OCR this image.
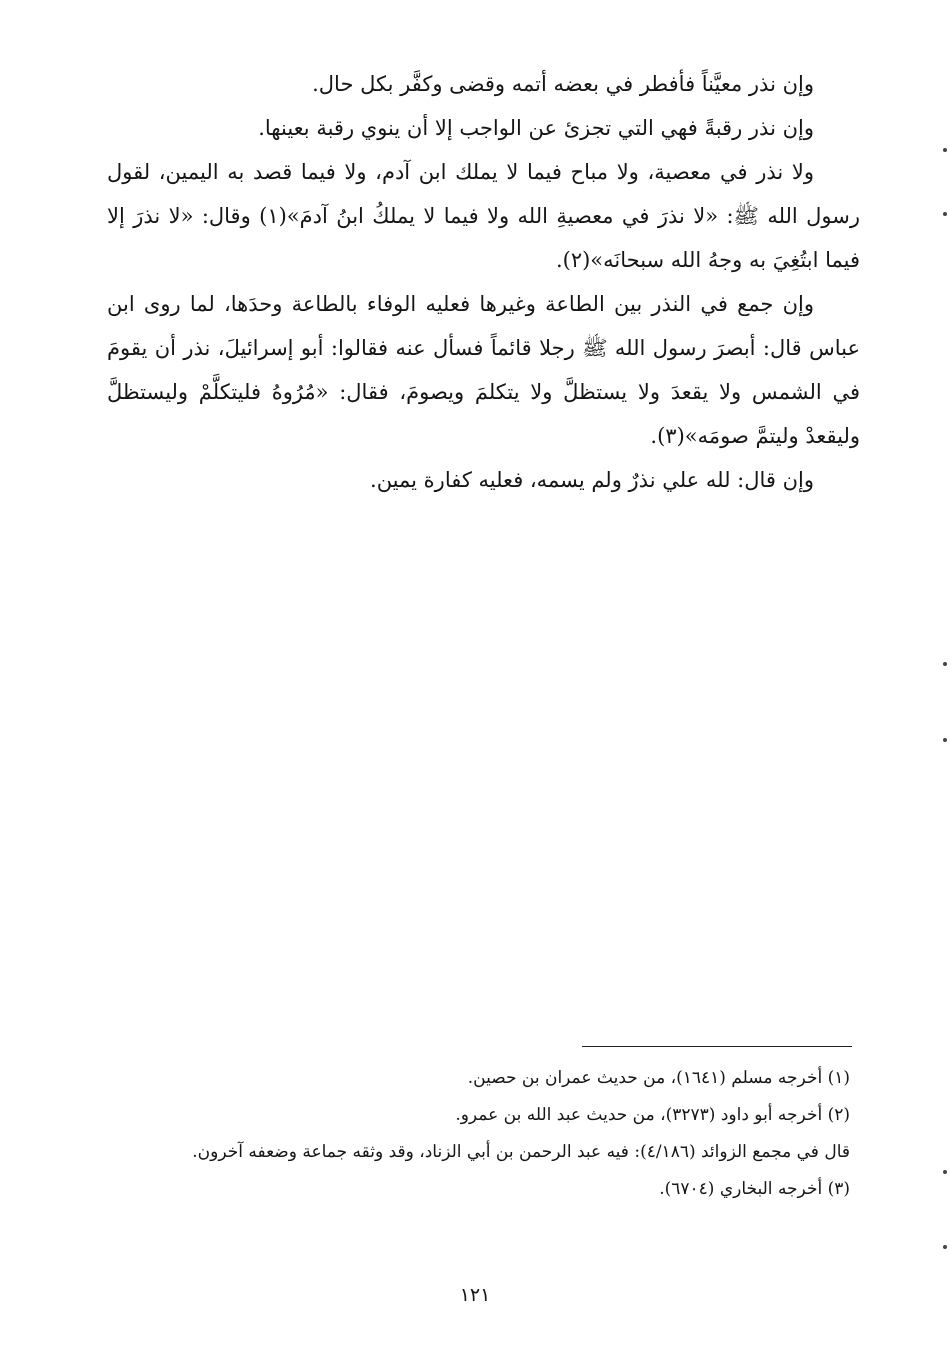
وإن نذر معيَّناً فأفطر في بعضه أتمه وقضى وكفَّر بكل حال.

وإن نذر رقبةً فهي التي تجزئ عن الواجب إلا أن ينوي رقبة بعينها.

ولا نذر في معصية، ولا مباح فيما لا يملك ابن آدم، ولا فيما قصد به اليمين، لقول رسول الله ﷺ: «لا نذرَ في معصيةِ الله ولا فيما لا يملكُ ابنُ آدمَ»(١) وقال: «لا نذرَ إلا فيما ابتُغِيَ به وجهُ الله سبحانَه»(٢).

وإن جمع في النذر بين الطاعة وغيرها فعليه الوفاء بالطاعة وحدَها، لما روى ابن عباس قال: أبصرَ رسول الله ﷺ رجلا قائماً فسأل عنه فقالوا: أبو إسرائيلَ، نذر أن يقومَ في الشمس ولا يقعدَ ولا يستظلَّ ولا يتكلمَ ويصومَ، فقال: «مُرُوهُ فليتكلَّمْ وليستظلَّ وليقعدْ وليتمَّ صومَه»(٣).

وإن قال: لله علي نذرٌ ولم يسمه، فعليه كفارة يمين.

(١) أخرجه مسلم (١٦٤١)، من حديث عمران بن حصين.

(٢) أخرجه أبو داود (٣٢٧٣)، من حديث عبد الله بن عمرو.

قال في مجمع الزوائد (٤/١٨٦): فيه عبد الرحمن بن أبي الزناد، وقد وثقه جماعة وضعفه آخرون.

(٣) أخرجه البخاري (٦٧٠٤).

١٢١
